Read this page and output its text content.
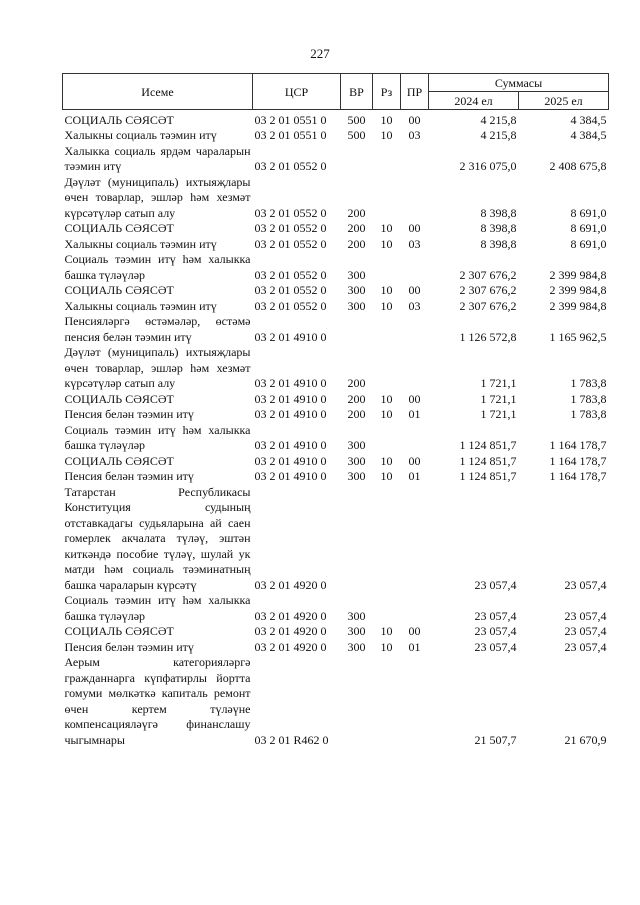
227
Исеме	ЦСР	ВР	Рз	ПР	Суммасы	
					2024 ел	2025 ел
СОЦИАЛЬ СӘЯСӘТ	03 2 01 0551 0	500	10	00	4 215,8	4 384,5
Халыкны социаль тәэмин итү	03 2 01 0551 0	500	10	03	4 215,8	4 384,5
Халыкка социаль ярдәм чараларын тәэмин итү	03 2 01 0552 0				2 316 075,0	2 408 675,8
Дәүләт (муниципаль) ихтыяҗлары өчен товарлар, эшләр һәм хезмәт күрсәтүләр сатып алу	03 2 01 0552 0	200			8 398,8	8 691,0
СОЦИАЛЬ СӘЯСӘТ	03 2 01 0552 0	200	10	00	8 398,8	8 691,0
Халыкны социаль тәэмин итү	03 2 01 0552 0	200	10	03	8 398,8	8 691,0
Социаль тәэмин итү һәм халыкка башка түләүләр	03 2 01 0552 0	300			2 307 676,2	2 399 984,8
СОЦИАЛЬ СӘЯСӘТ	03 2 01 0552 0	300	10	00	2 307 676,2	2 399 984,8
Халыкны социаль тәэмин итү	03 2 01 0552 0	300	10	03	2 307 676,2	2 399 984,8
Пенсияләргә өстәмәләр, өстәмә пенсия белән тәэмин итү	03 2 01 4910 0				1 126 572,8	1 165 962,5
Дәүләт (муниципаль) ихтыяҗлары өчен товарлар, эшләр һәм хезмәт күрсәтүләр сатып алу	03 2 01 4910 0	200			1 721,1	1 783,8
СОЦИАЛЬ СӘЯСӘТ	03 2 01 4910 0	200	10	00	1 721,1	1 783,8
Пенсия белән тәэмин итү	03 2 01 4910 0	200	10	01	1 721,1	1 783,8
Социаль тәэмин итү һәм халыкка башка түләүләр	03 2 01 4910 0	300			1 124 851,7	1 164 178,7
СОЦИАЛЬ СӘЯСӘТ	03 2 01 4910 0	300	10	00	1 124 851,7	1 164 178,7
Пенсия белән тәэмин итү	03 2 01 4910 0	300	10	01	1 124 851,7	1 164 178,7
Татарстан Республикасы Конституция судының отставкадагы судьяларына ай саен гомерлек акчалата түләү, эштән киткәндә пособие түләү, шулай ук матди һәм социаль тәэминатның башка чараларын күрсәтү	03 2 01 4920 0				23 057,4	23 057,4
Социаль тәэмин итү һәм халыкка башка түләүләр	03 2 01 4920 0	300			23 057,4	23 057,4
СОЦИАЛЬ СӘЯСӘТ	03 2 01 4920 0	300	10	00	23 057,4	23 057,4
Пенсия белән тәэмин итү	03 2 01 4920 0	300	10	01	23 057,4	23 057,4
Аерым категорияләргә гражданнарга күпфатирлы йортта гомуми мөлкәткә капиталь ремонт өчен кертем түләүне компенсацияләүгә финанслашу чыгымнары	03 2 01 R462 0				21 507,7	21 670,9
